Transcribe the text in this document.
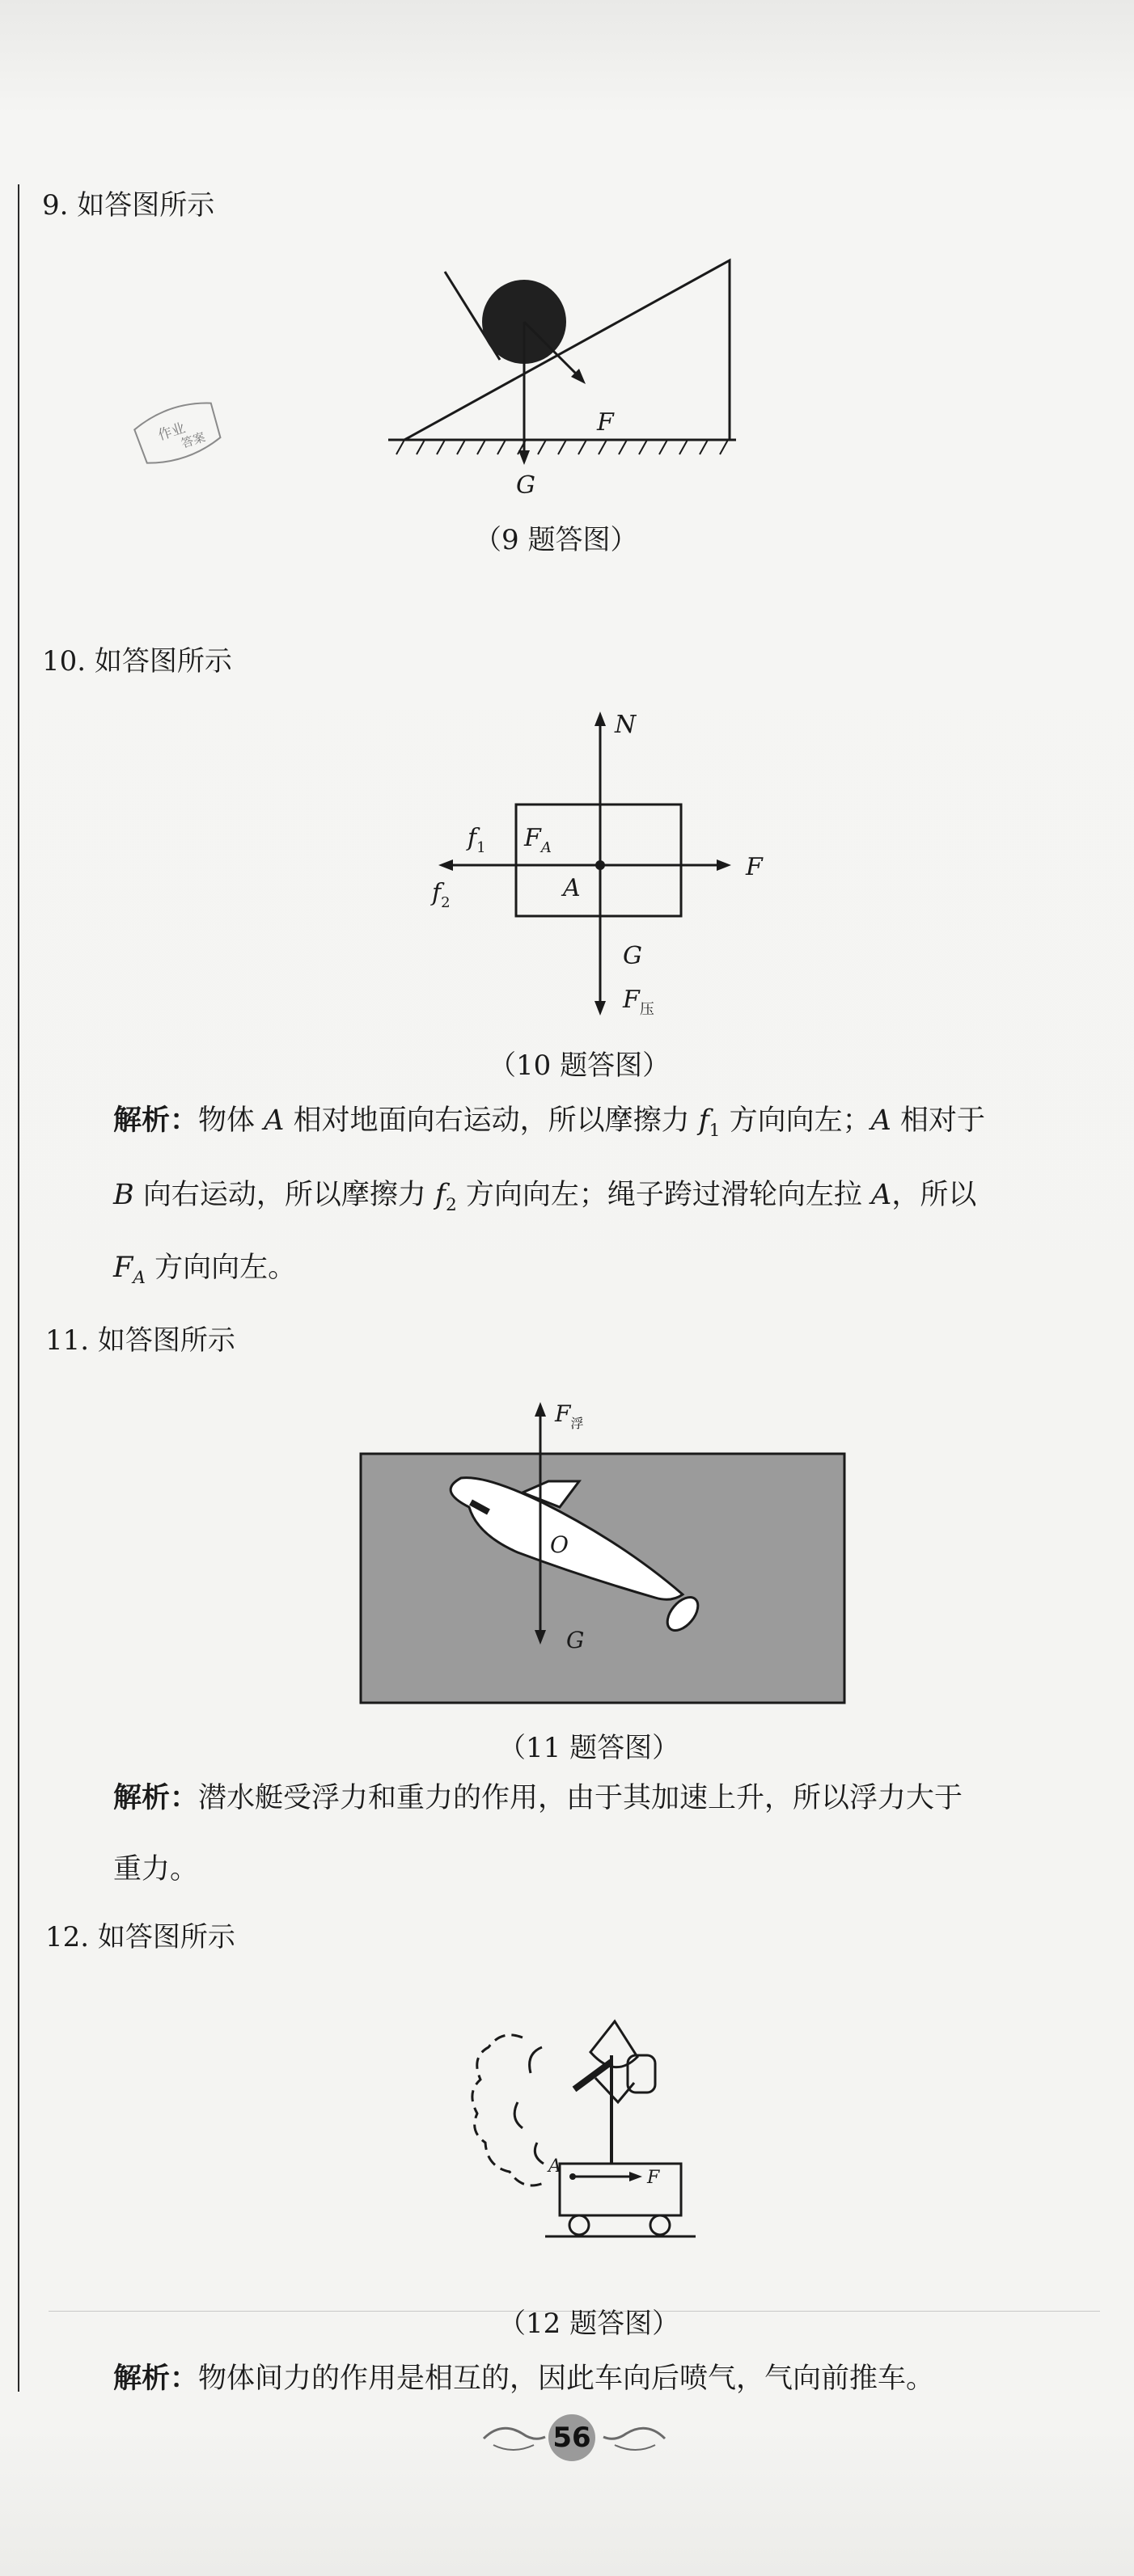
作业
答案
9. 如答图所示
F
G
（9 题答图）
10. 如答图所示
N
$f_1$ $F_A$
A
F
$f_2$
G
$F_压$
（10 题答图）
解析：物体 A 相对地面向右运动，所以摩擦力 $f_1$ 方向向左；A 相对于
B 向右运动，所以摩擦力 $f_2$ 方向向左；绳子跨过滑轮向左拉 A，所以
$F_A$ 方向向左。
11. 如答图所示
$F_浮$
O
G
（11 题答图）
解析：潜水艇受浮力和重力的作用，由于其加速上升，所以浮力大于
重力。
12. 如答图所示
A
F
（12 题答图）
解析：物体间力的作用是相互的，因此车向后喷气，气向前推车。
56
